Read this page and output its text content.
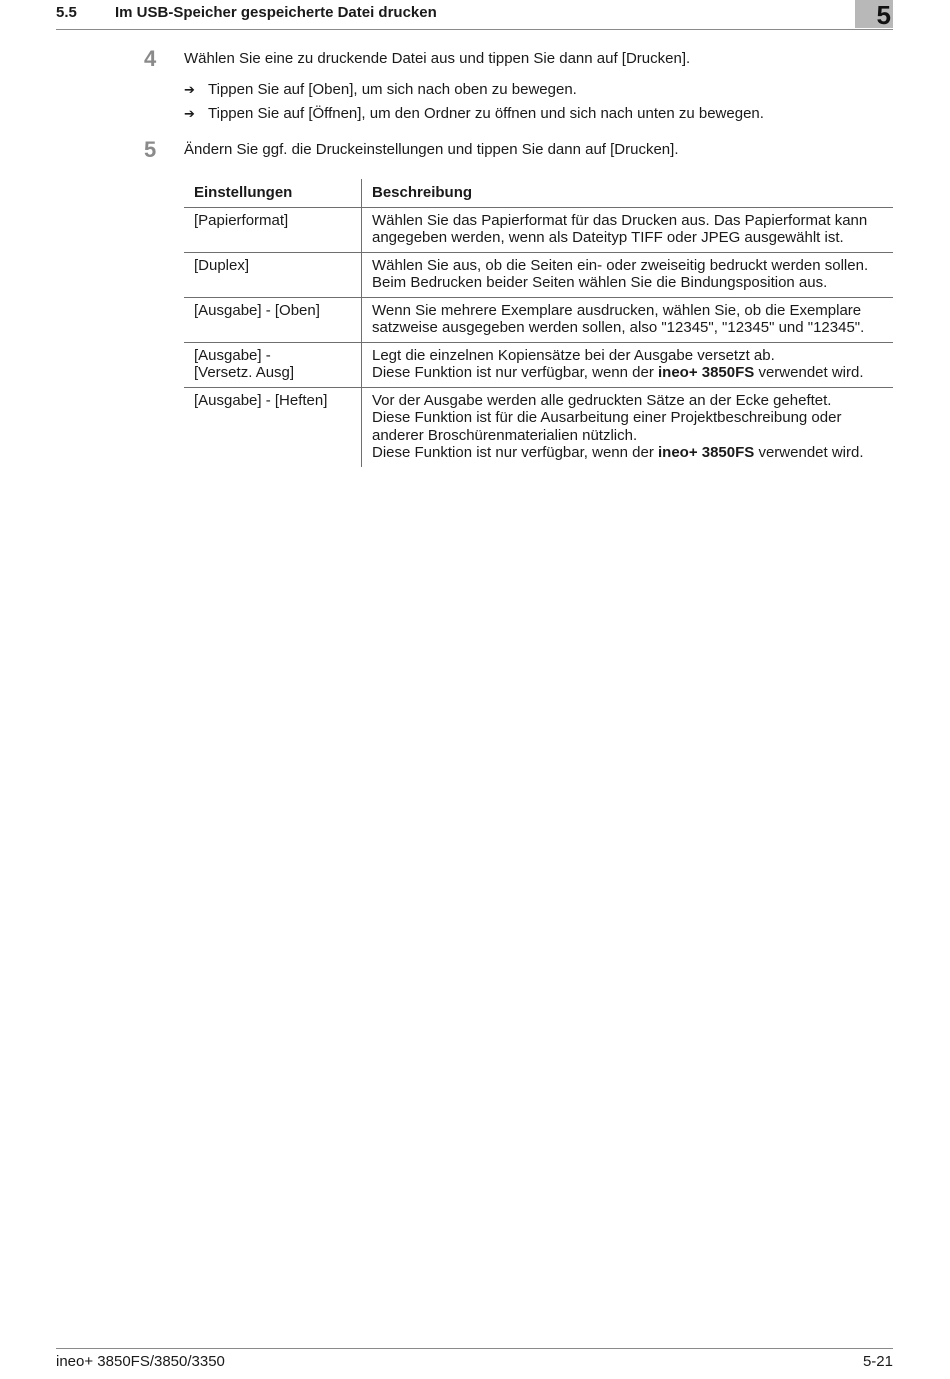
5.5	Im USB-Speicher gespeicherte Datei drucken	5
4 Wählen Sie eine zu druckende Datei aus und tippen Sie dann auf [Drucken].
➔ Tippen Sie auf [Oben], um sich nach oben zu bewegen.
➔ Tippen Sie auf [Öffnen], um den Ordner zu öffnen und sich nach unten zu bewegen.
5 Ändern Sie ggf. die Druckeinstellungen und tippen Sie dann auf [Drucken].
Einstellungen	Beschreibung
[Papierformat]	Wählen Sie das Papierformat für das Drucken aus. Das Papierformat kann angegeben werden, wenn als Dateityp TIFF oder JPEG ausgewählt ist.
[Duplex]	Wählen Sie aus, ob die Seiten ein- oder zweiseitig bedruckt werden sollen. Beim Bedrucken beider Seiten wählen Sie die Bindungsposition aus.
[Ausgabe] - [Oben]	Wenn Sie mehrere Exemplare ausdrucken, wählen Sie, ob die Exemplare satzweise ausgegeben werden sollen, also "12345", "12345" und "12345".

[Ausgabe] -
[Versetz. Ausg]	Legt die einzelnen Kopiensätze bei der Ausgabe versetzt ab.
Diese Funktion ist nur verfügbar, wenn der ineo+ 3850FS verwendet wird.

[Ausgabe] - [Heften]	Vor der Ausgabe werden alle gedruckten Sätze an der Ecke geheftet.
Diese Funktion ist für die Ausarbeitung einer Projektbeschreibung oder anderer Broschürenmaterialien nützlich.
Diese Funktion ist nur verfügbar, wenn der ineo+ 3850FS verwendet wird.
ineo+ 3850FS/3850/3350	5-21
